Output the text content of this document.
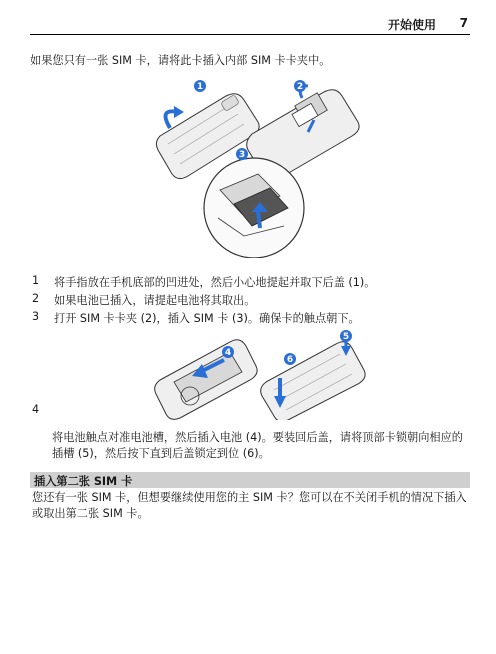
开始使用 7
如果您只有一张 SIM 卡，请将此卡插入内部 SIM 卡卡夹中。
1	2
3
1 将手指放在手机底部的凹进处，然后小心地提起并取下后盖 (1)。
2 如果电池已插入，请提起电池将其取出。
3 打开 SIM 卡卡夹 (2)，插入 SIM 卡 (3)。确保卡的触点朝下。
4
5
6
4
将电池触点对准电池槽，然后插入电池 (4)。要装回后盖，请将顶部卡锁朝向相应的插槽 (5)，然后按下直到后盖锁定到位 (6)。
插入第二张 SIM 卡
您还有一张 SIM 卡，但想要继续使用您的主 SIM 卡？您可以在不关闭手机的情况下插入或取出第二张 SIM 卡。
